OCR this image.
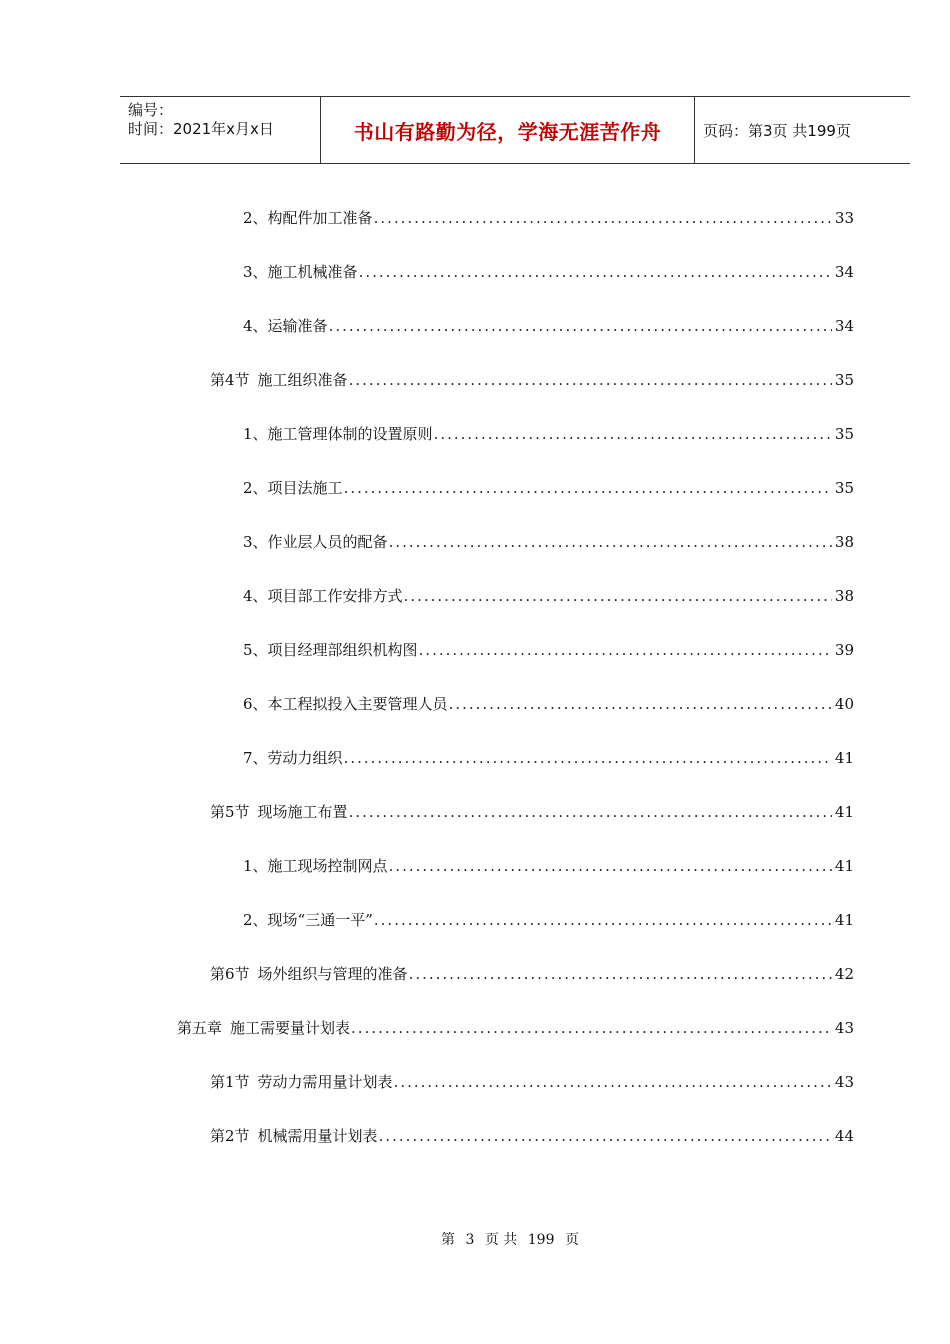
编号：
时间：2021年x月x日	书山有路勤为径，学海无涯苦作舟	页码：第3页 共199页
2、 构配件加工准备 .....	33
3、 施工机械准备 .....	34
4、 运输准备 .....	34
第4节 施工组织准备 .....	35
1、 施工管理体制的设置原则 .....	35
2、 项目法施工 .....	35
3、 作业层人员的配备 .....	38
4、 项目部工作安排方式 .....	38
5、 项目经理部组织机构图 .....	39
6、 本工程拟投入主要管理人员 .....	40
7、 劳动力组织 .....	41
第5节 现场施工布置 .....	41
1、 施工现场控制网点 .....	41
2、 现场“三通一平” .....	41
第6节 场外组织与管理的准备 .....	42
第五章 施工需要量计划表 .....	43
第1节 劳动力需用量计划表 .....	43
第2节 机械需用量计划表 .....	44
第 3 页 共 199 页
